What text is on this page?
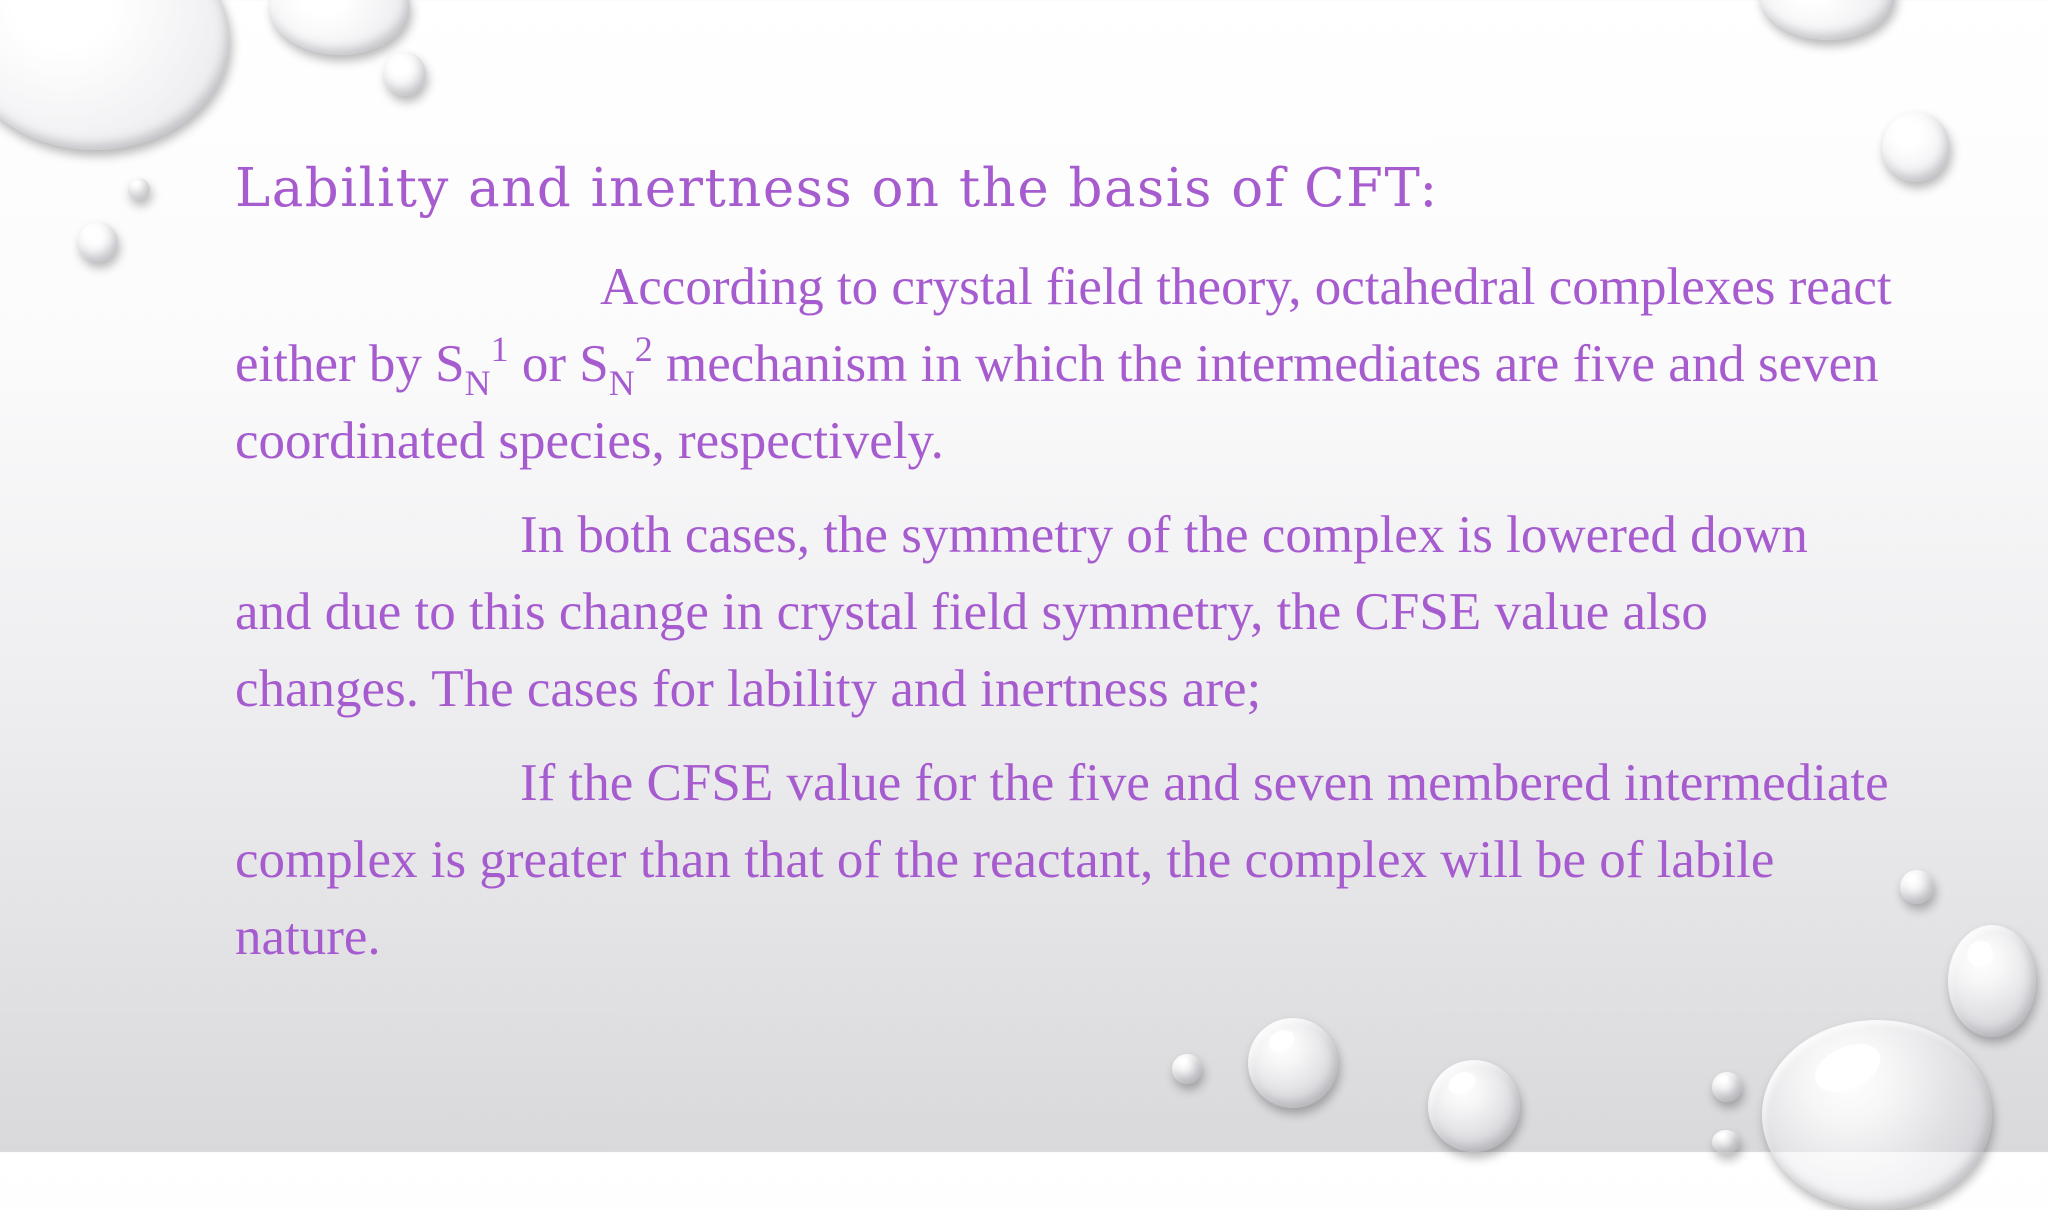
Lability and inertness on the basis of CFT:

According to crystal field theory, octahedral complexes react either by $S_N^1$ or $S_N^2$ mechanism in which the intermediates are five and seven coordinated species, respectively.

In both cases, the symmetry of the complex is lowered down and due to this change in crystal field symmetry, the CFSE value also changes. The cases for lability and inertness are;

If the CFSE value for the five and seven membered intermediate complex is greater than that of the reactant, the complex will be of labile nature.
